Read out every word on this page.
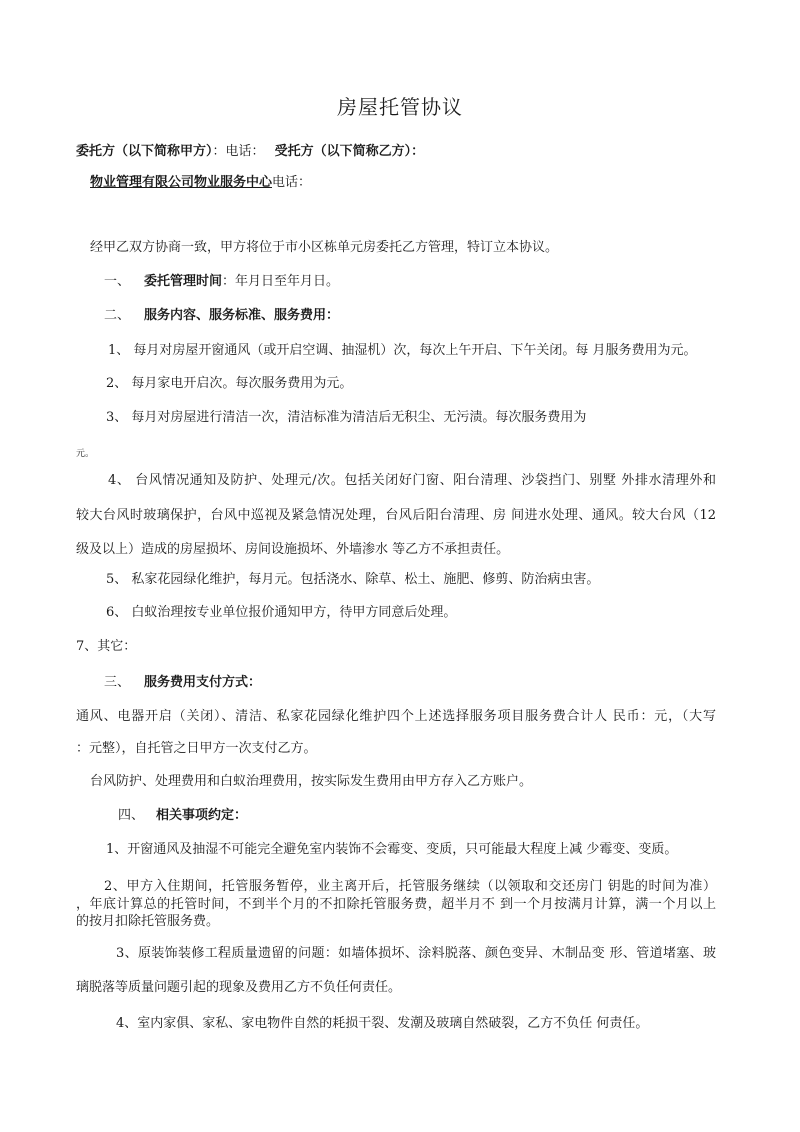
房屋托管协议
委托方（以下简称甲方）：电话： 受托方（以下简称乙方）：
物业管理有限公司物业服务中心电话：
经甲乙双方协商一致，甲方将位于市小区栋单元房委托乙方管理，特订立本协议。
一、 委托管理时间：年月日至年月日。
二、 服务内容、服务标准、服务费用：
1、 每月对房屋开窗通风（或开启空调、抽湿机）次，每次上午开启、下午关闭。每 月服务费用为元。
2、 每月家电开启次。每次服务费用为元。
3、 每月对房屋进行清洁一次，清洁标准为清洁后无积尘、无污渍。每次服务费用为
元。
4、 台风情况通知及防护、处理元/次。包括关闭好门窗、阳台清理、沙袋挡门、别墅 外排水清理外和
较大台风时玻璃保护，台风中巡视及紧急情况处理，台风后阳台清理、房 间进水处理、通风。较大台风（12
级及以上）造成的房屋损坏、房间设施损坏、外墙渗水 等乙方不承担责任。
5、 私家花园绿化维护，每月元。包括浇水、除草、松土、施肥、修剪、防治病虫害。
6、 白蚁治理按专业单位报价通知甲方，待甲方同意后处理。
7、其它：
三、 服务费用支付方式：
通风、电器开启（关闭）、清洁、私家花园绿化维护四个上述选择服务项目服务费合计人 民币：元，（大写
：元整），自托管之日甲方一次支付乙方。
台风防护、处理费用和白蚁治理费用，按实际发生费用由甲方存入乙方账户。
四、 相关事项约定：
1、开窗通风及抽湿不可能完全避免室内装饰不会霉变、变质，只可能最大程度上减 少霉变、变质。
2、甲方入住期间，托管服务暂停，业主离开后，托管服务继续（以领取和交还房门 钥匙的时间为准）
，年底计算总的托管时间，不到半个月的不扣除托管服务费，超半月不 到一个月按满月计算，满一个月以上
的按月扣除托管服务费。
3、原装饰装修工程质量遗留的问题：如墙体损坏、涂料脱落、颜色变异、木制品变 形、管道堵塞、玻
璃脱落等质量问题引起的现象及费用乙方不负任何责任。
4、室内家俱、家私、家电物件自然的耗损干裂、发潮及玻璃自然破裂，乙方不负任 何责任。
